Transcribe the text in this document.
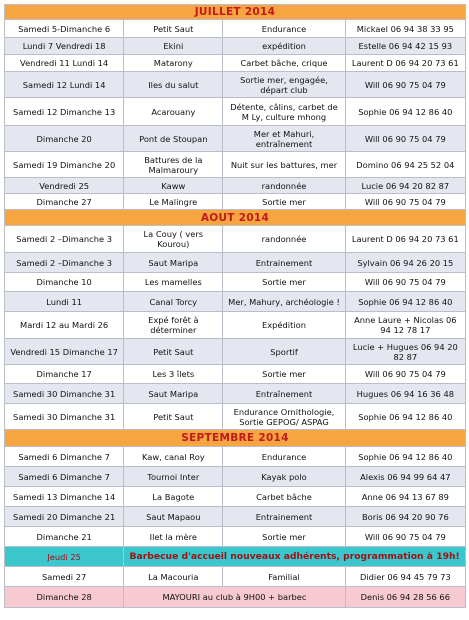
JUILLET 2014			
Samedi 5-Dimanche 6	Petit Saut	Endurance	Mickael 06 94 38 33 95
Lundi 7 Vendredi 18	Ekini	expédition	Estelle 06 94 42 15 93
Vendredi 11 Lundi 14	Matarony	Carbet bâche, crique	Laurent D 06 94 20 73 61
Samedi 12 Lundi 14	Iles du salut	Sortie mer, engagée, départ club	Will 06 90 75 04 79
Samedi 12 Dimanche 13	Acarouany	Détente, câlins, carbet de M Ly, culture mhong	Sophie 06 94 12 86 40
Dimanche 20	Pont de Stoupan	Mer et Mahuri, entraînement	Will 06 90 75 04 79
Samedi 19 Dimanche 20	Battures de la Malmaroury	Nuit sur les battures, mer	Domino 06 94 25 52 04
Vendredi 25	Kaww	randonnée	Lucie 06 94 20 82 87
Dimanche 27	Le Malingre	Sortie mer	Will 06 90 75 04 79
AOUT 2014			
Samedi 2 –Dimanche 3	La Couy ( vers Kourou)	randonnée	Laurent D 06 94 20 73 61
Samedi 2 –Dimanche 3	Saut Maripa	Entrainement	Sylvain 06 94 26 20 15
Dimanche 10	Les mamelles	Sortie mer	Will 06 90 75 04 79
Lundi 11	Canal Torcy	Mer, Mahury, archéologie !	Sophie 06 94 12 86 40
Mardi 12 au Mardi 26	Expé forêt à déterminer	Expédition	Anne Laure + Nicolas 06 94 12 78 17
Vendredi 15 Dimanche 17	Petit Saut	Sportif	Lucie + Hugues 06 94 20 82 87
Dimanche 17	Les 3 îlets	Sortie mer	Will 06 90 75 04 79
Samedi 30 Dimanche 31	Saut Maripa	Entraînement	Hugues 06 94 16 36 48
Samedi 30 Dimanche 31	Petit Saut	Endurance Ornithologie, Sortie GEPOG/ ASPAG	Sophie 06 94 12 86 40
SEPTEMBRE 2014			
Samedi 6 Dimanche 7	Kaw, canal Roy	Endurance	Sophie 06 94 12 86 40
Samedi 6 Dimanche 7	Tournoi Inter	Kayak polo	Alexis 06 94 99 64 47
Samedi 13 Dimanche 14	La Bagote	Carbet bâche	Anne 06 94 13 67 89
Samedi 20 Dimanche 21	Saut Mapaou	Entrainement	Boris 06 94 20 90 76
Dimanche 21	Ilet la mère	Sortie mer	Will 06 90 75 04 79
Jeudi 25	Barbecue d'accueil nouveaux adhérents, programmation à 19h!		
Samedi 27	La Macouria	Familial	Didier 06 94 45 79 73
Dimanche 28	MAYOURI au club à 9H00 + barbec		Denis 06 94 28 56 66
